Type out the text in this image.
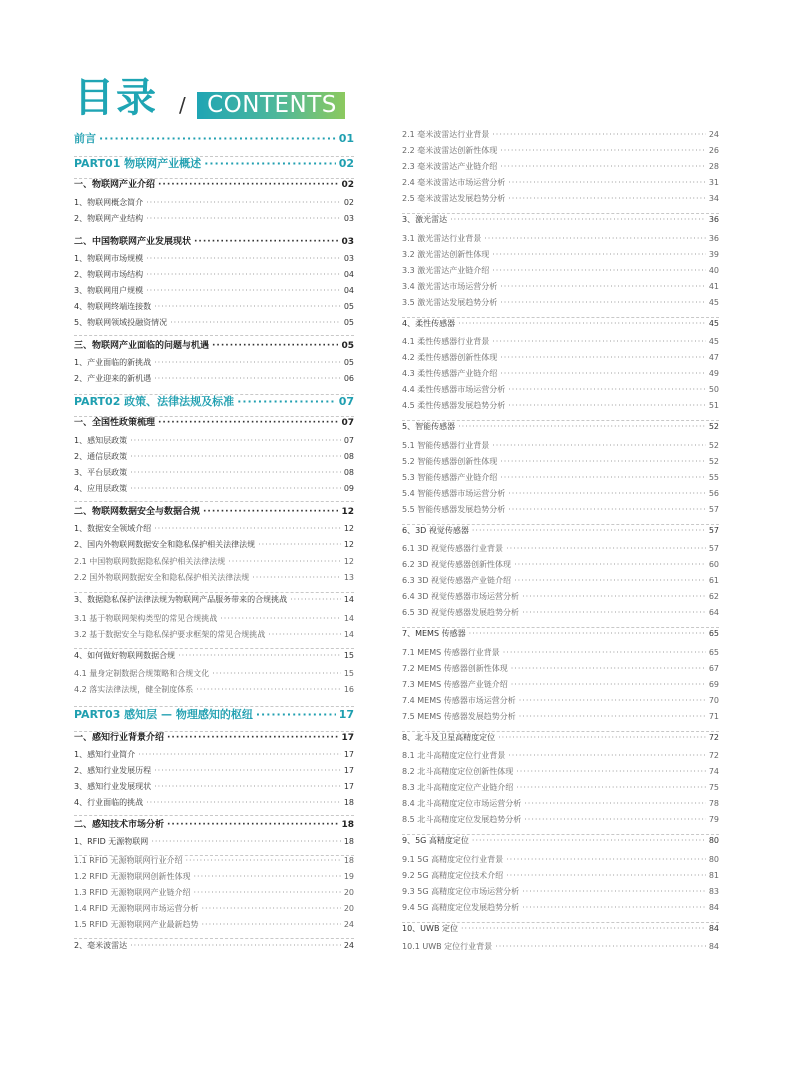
目录 / CONTENTS
前言 ·····	01
PART01 物联网产业概述 ·····	02
一、物联网产业介绍 ·····	02
1、物联网概念简介 ·····	02
2、物联网产业结构 ·····	03
二、中国物联网产业发展现状 ·····	03
1、物联网市场规模 ·····	03
2、物联网市场结构 ·····	04
3、物联网用户规模 ·····	04
4、物联网终端连接数 ·····	05
5、物联网领域投融资情况 ·····	05
三、物联网产业面临的问题与机遇 ·····	05
1、产业面临的新挑战 ·····	05
2、产业迎来的新机遇 ·····	06
PART02 政策、法律法规及标准 ·····	07
一、全国性政策梳理 ·····	07
1、感知层政策 ·····	07
2、通信层政策 ·····	08
3、平台层政策 ·····	08
4、应用层政策 ·····	09
二、物联网数据安全与数据合规 ·····	12
1、数据安全领域介绍 ·····	12
2、国内外物联网数据安全和隐私保护相关法律法规 ·····	12
2.1 中国物联网数据隐私保护相关法律法规 ·····	12
2.2 国外物联网数据安全和隐私保护相关法律法规 ·····	13
3、数据隐私保护法律法规为物联网产品服务带来的合规挑战 ·····	14
3.1 基于物联网架构类型的常见合规挑战 ·····	14
3.2 基于数据安全与隐私保护要求框架的常见合规挑战 ·····	14
4、如何做好物联网数据合规 ·····	15
4.1 量身定制数据合规策略和合规文化 ·····	15
4.2 落实法律法规，健全制度体系 ·····	16
PART03 感知层 — 物理感知的枢纽 ·····	17
一、感知行业背景介绍 ·····	17
1、感知行业简介 ·····	17
2、感知行业发展历程 ·····	17
3、感知行业发展现状 ·····	17
4、行业面临的挑战 ·····	18
二、感知技术市场分析 ·····	18
1、RFID 无源物联网 ·····	18
1.1 RFID 无源物联网行业介绍 ·····	18
1.2 RFID 无源物联网创新性体现 ·····	19
1.3 RFID 无源物联网产业链介绍 ·····	20
1.4 RFID 无源物联网市场运营分析 ·····	20
1.5 RFID 无源物联网产业最新趋势 ·····	24
2、毫米波雷达 ·····	24
2.1 毫米波雷达行业背景 ·····	24
2.2 毫米波雷达创新性体现 ·····	26
2.3 毫米波雷达产业链介绍 ·····	28
2.4 毫米波雷达市场运营分析 ·····	31
2.5 毫米波雷达发展趋势分析 ·····	34
3、激光雷达 ·····	36
3.1 激光雷达行业背景 ·····	36
3.2 激光雷达创新性体现 ·····	39
3.3 激光雷达产业链介绍 ·····	40
3.4 激光雷达市场运营分析 ·····	41
3.5 激光雷达发展趋势分析 ·····	45
4、柔性传感器 ·····	45
4.1 柔性传感器行业背景 ·····	45
4.2 柔性传感器创新性体现 ·····	47
4.3 柔性传感器产业链介绍 ·····	49
4.4 柔性传感器市场运营分析 ·····	50
4.5 柔性传感器发展趋势分析 ·····	51
5、智能传感器 ·····	52
5.1 智能传感器行业背景 ·····	52
5.2 智能传感器创新性体现 ·····	52
5.3 智能传感器产业链介绍 ·····	55
5.4 智能传感器市场运营分析 ·····	56
5.5 智能传感器发展趋势分析 ·····	57
6、3D 视觉传感器 ·····	57
6.1 3D 视觉传感器行业背景 ·····	57
6.2 3D 视觉传感器创新性体现 ·····	60
6.3 3D 视觉传感器产业链介绍 ·····	61
6.4 3D 视觉传感器市场运营分析 ·····	62
6.5 3D 视觉传感器发展趋势分析 ·····	64
7、MEMS 传感器 ·····	65
7.1 MEMS 传感器行业背景 ·····	65
7.2 MEMS 传感器创新性体现 ·····	67
7.3 MEMS 传感器产业链介绍 ·····	69
7.4 MEMS 传感器市场运营分析 ·····	70
7.5 MEMS 传感器发展趋势分析 ·····	71
8、北斗及卫星高精度定位 ·····	72
8.1 北斗高精度定位行业背景 ·····	72
8.2 北斗高精度定位创新性体现 ·····	74
8.3 北斗高精度定位产业链介绍 ·····	75
8.4 北斗高精度定位市场运营分析 ·····	78
8.5 北斗高精度定位发展趋势分析 ·····	79
9、5G 高精度定位 ·····	80
9.1 5G 高精度定位行业背景 ·····	80
9.2 5G 高精度定位技术介绍 ·····	81
9.3 5G 高精度定位市场运营分析 ·····	83
9.4 5G 高精度定位发展趋势分析 ·····	84
10、UWB 定位 ·····	84
10.1 UWB 定位行业背景 ·····	84
